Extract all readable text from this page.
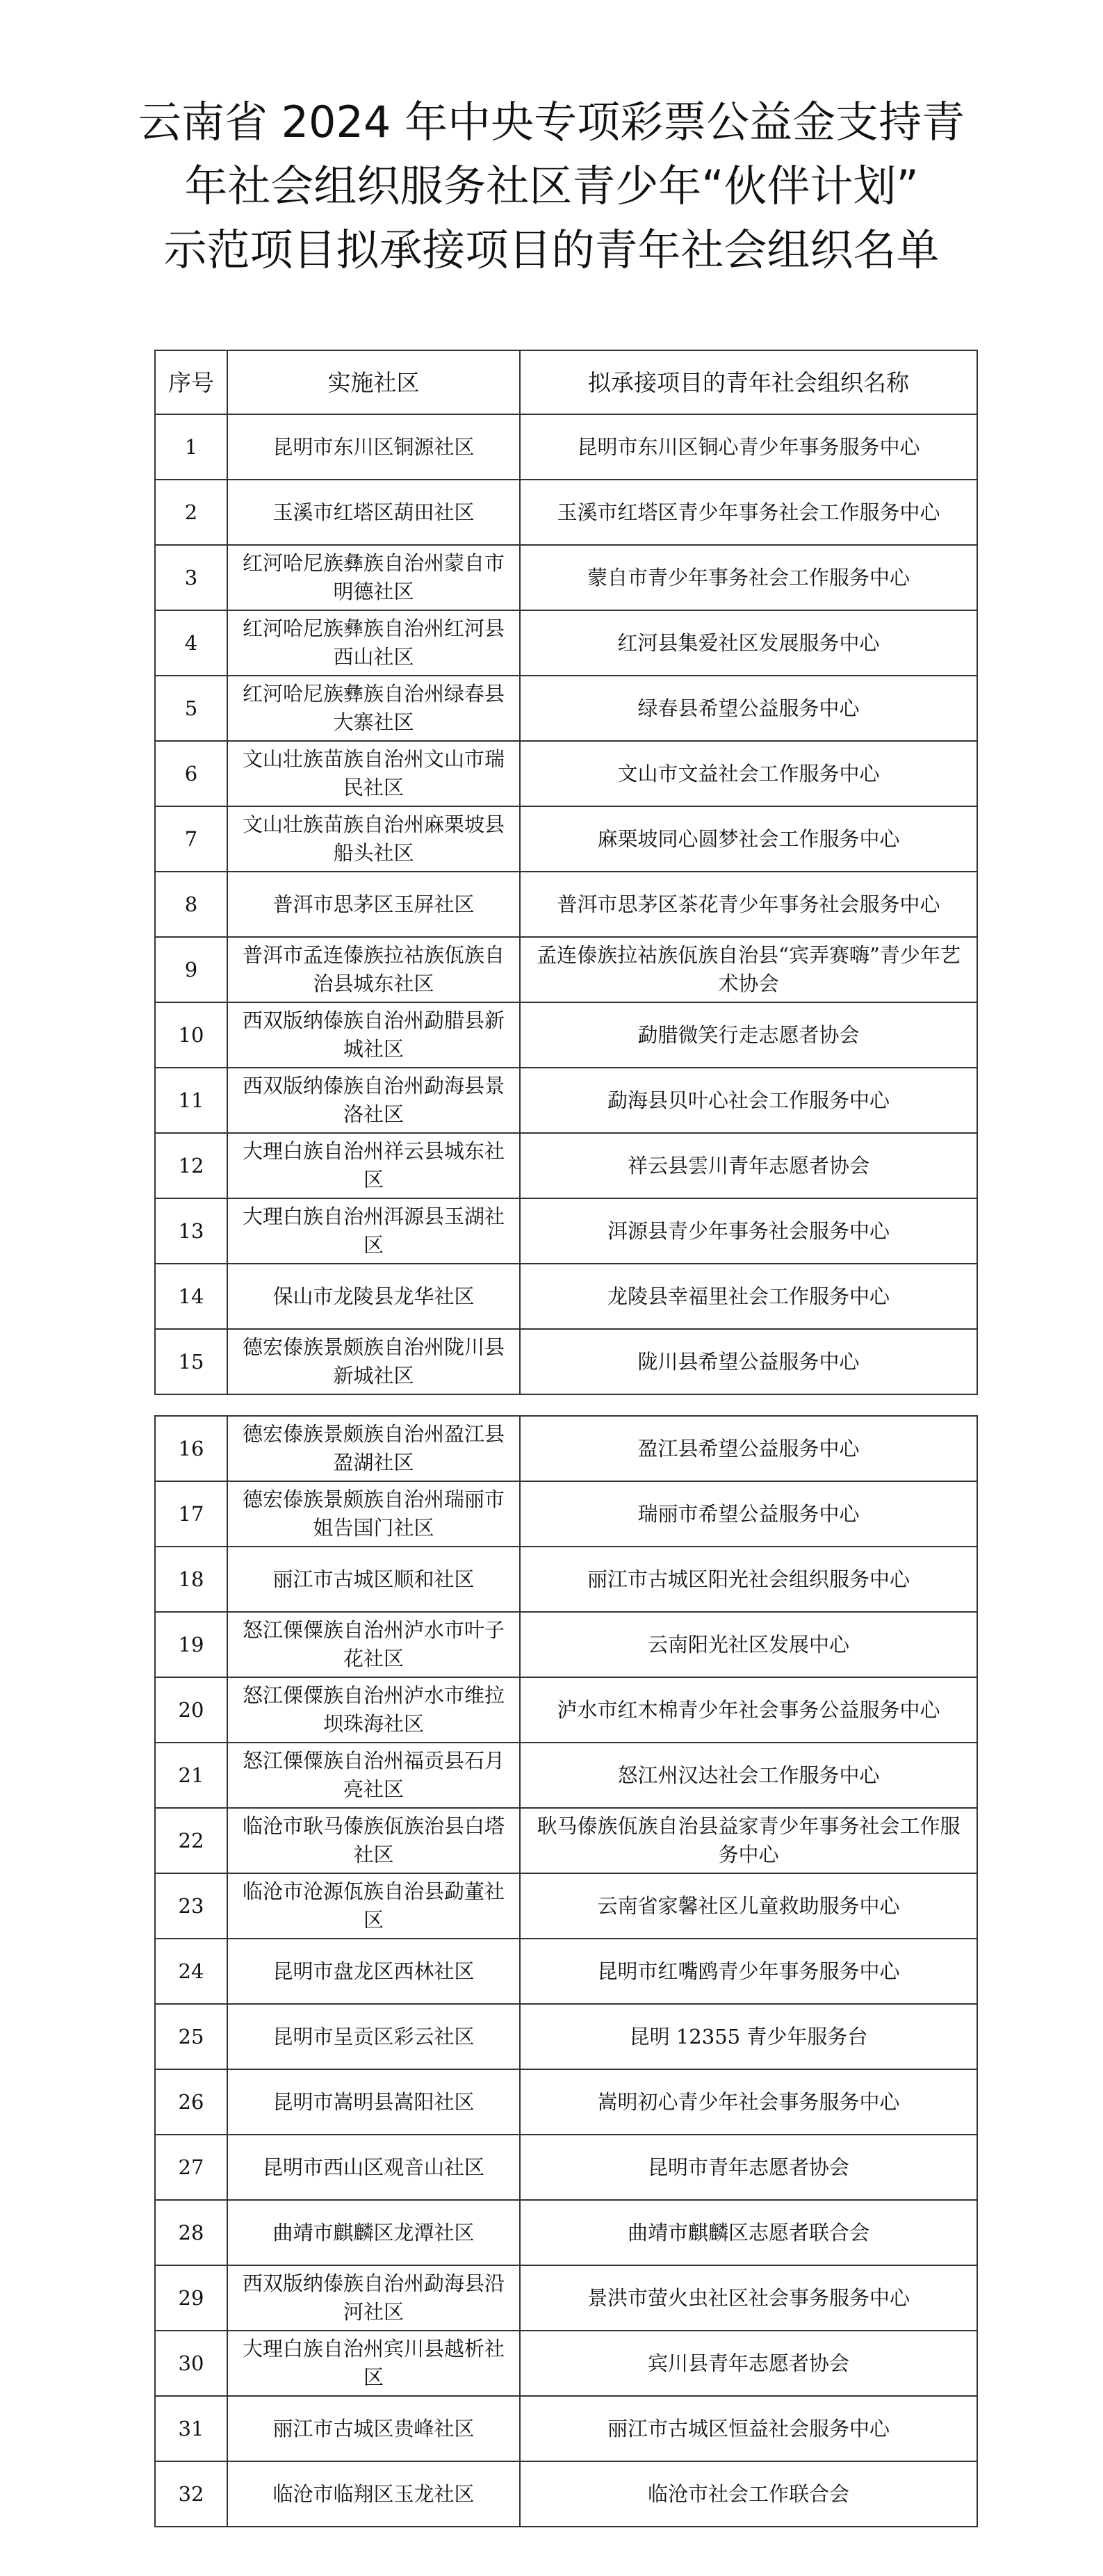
云南省 2024 年中央专项彩票公益金支持青
年社会组织服务社区青少年“伙伴计划”
示范项目拟承接项目的青年社会组织名单
序号	实施社区	拟承接项目的青年社会组织名称
1	昆明市东川区铜源社区	昆明市东川区铜心青少年事务服务中心
2	玉溪市红塔区葫田社区	玉溪市红塔区青少年事务社会工作服务中心
3	红河哈尼族彝族自治州蒙自市明德社区	蒙自市青少年事务社会工作服务中心
4	红河哈尼族彝族自治州红河县西山社区	红河县集爱社区发展服务中心
5	红河哈尼族彝族自治州绿春县大寨社区	绿春县希望公益服务中心
6	文山壮族苗族自治州文山市瑞民社区	文山市文益社会工作服务中心
7	文山壮族苗族自治州麻栗坡县船头社区	麻栗坡同心圆梦社会工作服务中心
8	普洱市思茅区玉屏社区	普洱市思茅区茶花青少年事务社会服务中心
9	普洱市孟连傣族拉祜族佤族自治县城东社区	孟连傣族拉祜族佤族自治县“宾弄赛嗨”青少年艺术协会
10	西双版纳傣族自治州勐腊县新城社区	勐腊微笑行走志愿者协会
11	西双版纳傣族自治州勐海县景洛社区	勐海县贝叶心社会工作服务中心
12	大理白族自治州祥云县城东社区	祥云县雲川青年志愿者协会
13	大理白族自治州洱源县玉湖社区	洱源县青少年事务社会服务中心
14	保山市龙陵县龙华社区	龙陵县幸福里社会工作服务中心
15	德宏傣族景颇族自治州陇川县新城社区	陇川县希望公益服务中心
16	德宏傣族景颇族自治州盈江县盈湖社区	盈江县希望公益服务中心
17	德宏傣族景颇族自治州瑞丽市姐告国门社区	瑞丽市希望公益服务中心
18	丽江市古城区顺和社区	丽江市古城区阳光社会组织服务中心
19	怒江傈僳族自治州泸水市叶子花社区	云南阳光社区发展中心
20	怒江傈僳族自治州泸水市维拉坝珠海社区	泸水市红木棉青少年社会事务公益服务中心
21	怒江傈僳族自治州福贡县石月亮社区	怒江州汉达社会工作服务中心
22	临沧市耿马傣族佤族治县白塔社区	耿马傣族佤族自治县益家青少年事务社会工作服务中心
23	临沧市沧源佤族自治县勐董社区	云南省家馨社区儿童救助服务中心
24	昆明市盘龙区西林社区	昆明市红嘴鸥青少年事务服务中心
25	昆明市呈贡区彩云社区	昆明 12355 青少年服务台
26	昆明市嵩明县嵩阳社区	嵩明初心青少年社会事务服务中心
27	昆明市西山区观音山社区	昆明市青年志愿者协会
28	曲靖市麒麟区龙潭社区	曲靖市麒麟区志愿者联合会
29	西双版纳傣族自治州勐海县沿河社区	景洪市萤火虫社区社会事务服务中心
30	大理白族自治州宾川县越析社区	宾川县青年志愿者协会
31	丽江市古城区贵峰社区	丽江市古城区恒益社会服务中心
32	临沧市临翔区玉龙社区	临沧市社会工作联合会
